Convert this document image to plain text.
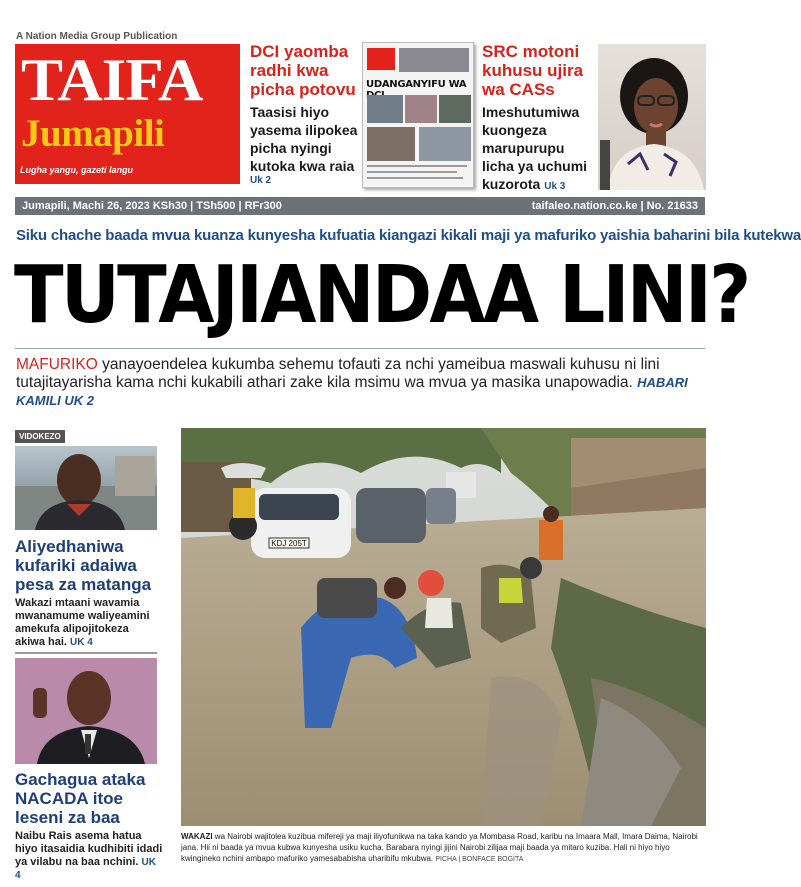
A Nation Media Group Publication
TAIFA
Jumapili
Lugha yangu, gazeti langu
DCI yaomba radhi kwa picha potovu
Taasisi hiyo yasema ilipokea picha nyingi kutoka kwa raia
Uk 2
UDANGANYIFU WA
SRC motoni kuhusu ujira wa CASs
Imeshutumiwa kuongeza marupurupu licha ya uchumi kuzorota Uk 3
Jumapili, Machi 26, 2023 KSh30 | TSh500 | RFr300	taifaleo.nation.co.ke | No. 21633
Siku chache baada mvua kuanza kunyesha kufuatia kiangazi kikali maji ya mafuriko yaishia baharini bila kutekwa
TUTAJIANDAA LINI?
MAFURIKO yanayoendelea kukumba sehemu tofauti za nchi yameibua maswali kuhusu ni lini tutajitayarisha kama nchi kukabili athari zake kila msimu wa mvua ya masika unapowadia. HABARI KAMILI UK 2
VIDOKEZO
Aliyedhaniwa kufariki adaiwa pesa za matanga
Wakazi mtaani wavamia mwanamume waliyeamini amekufa alipojitokeza akiwa hai. UK 4
Gachagua ataka NACADA itoe leseni za baa
Naibu Rais asema hatua hiyo itasaidia kudhibiti idadi ya vilabu na baa nchini. UK 4
KDJ 205T
WAKAZI wa Nairobi wajitolea kuzibua mifereji ya maji iliyofunikwa na taka kando ya Mombasa Road, karibu na Imaara Mall, Imara Daima, Nairobi jana. Hii ni baada ya mvua kubwa kunyesha usiku kucha. Barabara nyingi jijini Nairobi zilijaa maji baada ya mitaro kuziba. Hali ni hiyo hiyo kwingineko nchini ambapo mafuriko yamesababisha uharibifu mkubwa. PICHA | BONFACE BOGITA
